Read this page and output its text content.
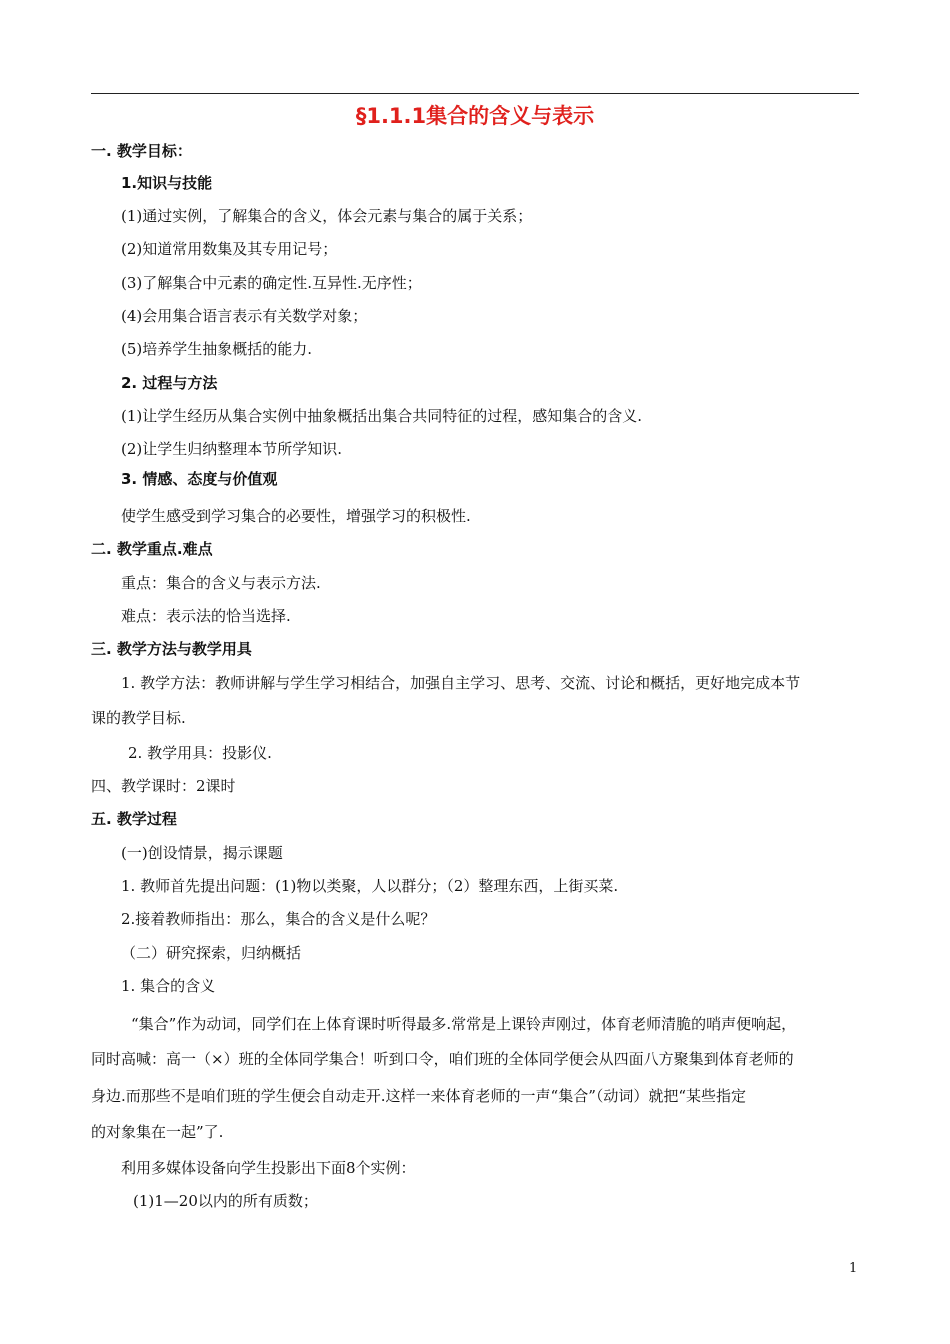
§1.1.1集合的含义与表示
一. 教学目标：
1.知识与技能
(1)通过实例，了解集合的含义，体会元素与集合的属于关系；
(2)知道常用数集及其专用记号；
(3)了解集合中元素的确定性.互异性.无序性；
(4)会用集合语言表示有关数学对象；
(5)培养学生抽象概括的能力.
2. 过程与方法
(1)让学生经历从集合实例中抽象概括出集合共同特征的过程，感知集合的含义.
(2)让学生归纳整理本节所学知识.
3. 情感、态度与价值观
使学生感受到学习集合的必要性，增强学习的积极性.
二. 教学重点.难点
重点：集合的含义与表示方法.
难点：表示法的恰当选择.
三. 教学方法与教学用具
1. 教学方法：教师讲解与学生学习相结合，加强自主学习、思考、交流、讨论和概括，更好地完成本节
课的教学目标.
2. 教学用具：投影仪.
四、教学课时：2课时
五. 教学过程
(一)创设情景，揭示课题
1. 教师首先提出问题：(1)物以类聚，人以群分；（2）整理东西，上街买菜.
2.接着教师指出：那么，集合的含义是什么呢？
（二）研究探索，归纳概括
1. 集合的含义
“集合”作为动词，同学们在上体育课时听得最多.常常是上课铃声刚过，体育老师清脆的哨声便响起，
同时高喊：高一（×）班的全体同学集合！听到口令，咱们班的全体同学便会从四面八方聚集到体育老师的
身边.而那些不是咱们班的学生便会自动走开.这样一来体育老师的一声“集合”（动词）就把“某些指定
的对象集在一起”了.
利用多媒体设备向学生投影出下面8个实例：
(1)1—20以内的所有质数；
1
